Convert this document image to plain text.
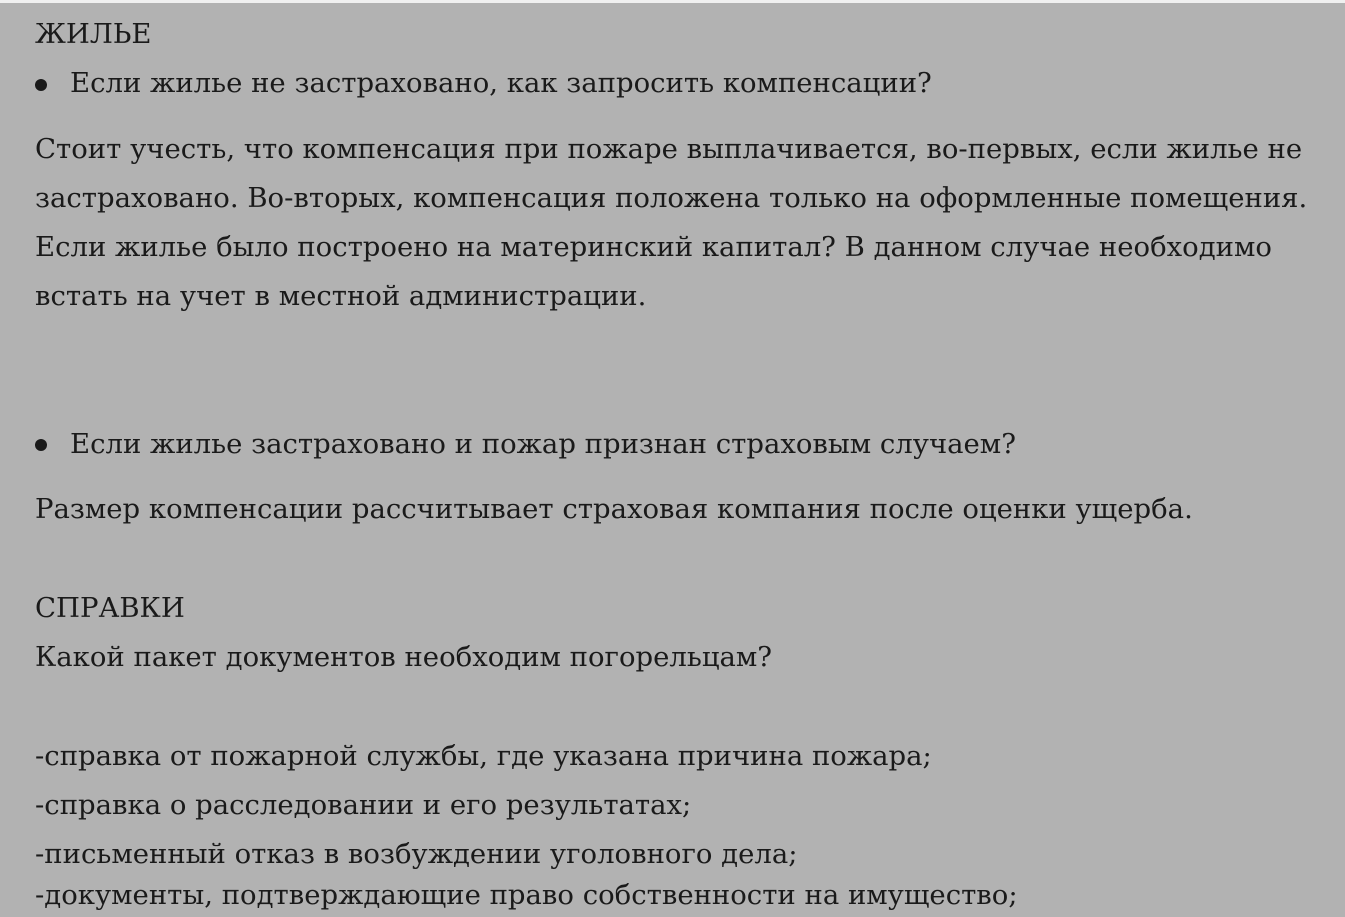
ЖИЛЬЕ
Если жилье не застраховано, как запросить компенсации?
Стоит учесть, что компенсация при пожаре выплачивается, во-первых, если жилье не
застраховано. Во-вторых, компенсация положена только на оформленные помещения.
Если жилье было построено на материнский капитал? В данном случае необходимо
встать на учет в местной администрации.
Если жилье застраховано и пожар признан страховым случаем?
Размер компенсации рассчитывает страховая компания после оценки ущерба.
СПРАВКИ
Какой пакет документов необходим погорельцам?
-справка от пожарной службы, где указана причина пожара;
-справка о расследовании и его результатах;
-письменный отказ в возбуждении уголовного дела;
-документы, подтверждающие право собственности на имущество;
